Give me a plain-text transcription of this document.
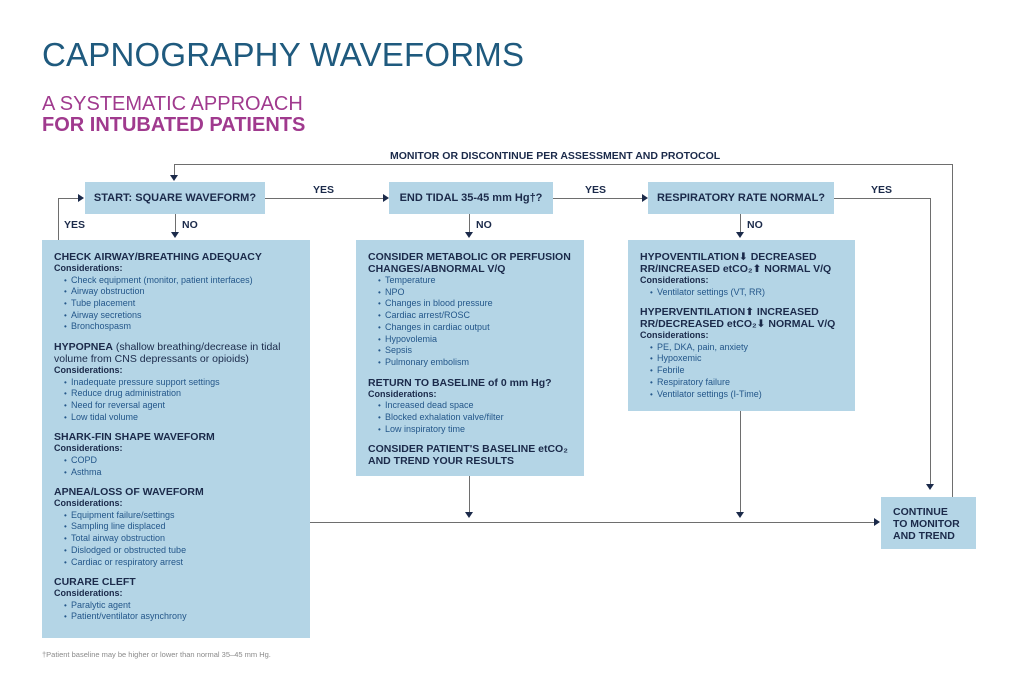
CAPNOGRAPHY WAVEFORMS
A SYSTEMATIC APPROACH
FOR INTUBATED PATIENTS
MONITOR OR DISCONTINUE PER ASSESSMENT AND PROTOCOL
START: SQUARE WAVEFORM?	END TIDAL 35-45 mm Hg†?	RESPIRATORY RATE NORMAL?
YES	YES	YES
YES	NO	NO	NO
CHECK AIRWAY/BREATHING ADEQUACY
Considerations:
• Check equipment (monitor, patient interfaces)
• Airway obstruction
• Tube placement
• Airway secretions
• Bronchospasm
HYPOPNEA (shallow breathing/decrease in tidal volume from CNS depressants or opioids)
Considerations:
• Inadequate pressure support settings
• Reduce drug administration
• Need for reversal agent
• Low tidal volume
SHARK-FIN SHAPE WAVEFORM
Considerations:
• COPD
• Asthma
APNEA/LOSS OF WAVEFORM
Considerations:
• Equipment failure/settings
• Sampling line displaced
• Total airway obstruction
• Dislodged or obstructed tube
• Cardiac or respiratory arrest
CURARE CLEFT
Considerations:
• Paralytic agent
• Patient/ventilator asynchrony
CONSIDER METABOLIC OR PERFUSION CHANGES/ABNORMAL V/Q
• Temperature
• NPO
• Changes in blood pressure
• Cardiac arrest/ROSC
• Changes in cardiac output
• Hypovolemia
• Sepsis
• Pulmonary embolism
RETURN TO BASELINE of 0 mm Hg?
Considerations:
• Increased dead space
• Blocked exhalation valve/filter
• Low inspiratory time
CONSIDER PATIENT'S BASELINE etCO₂
AND TREND YOUR RESULTS
HYPOVENTILATION⬇ DECREASED
RR/INCREASED etCO₂⬆ NORMAL V/Q
Considerations:
• Ventilator settings (VT, RR)
HYPERVENTILATION⬆ INCREASED
RR/DECREASED etCO₂⬇ NORMAL V/Q
Considerations:
• PE, DKA, pain, anxiety
• Hypoxemic
• Febrile
• Respiratory failure
• Ventilator settings (I-Time)
CONTINUE
TO MONITOR
AND TREND
†Patient baseline may be higher or lower than normal 35–45 mm Hg.
